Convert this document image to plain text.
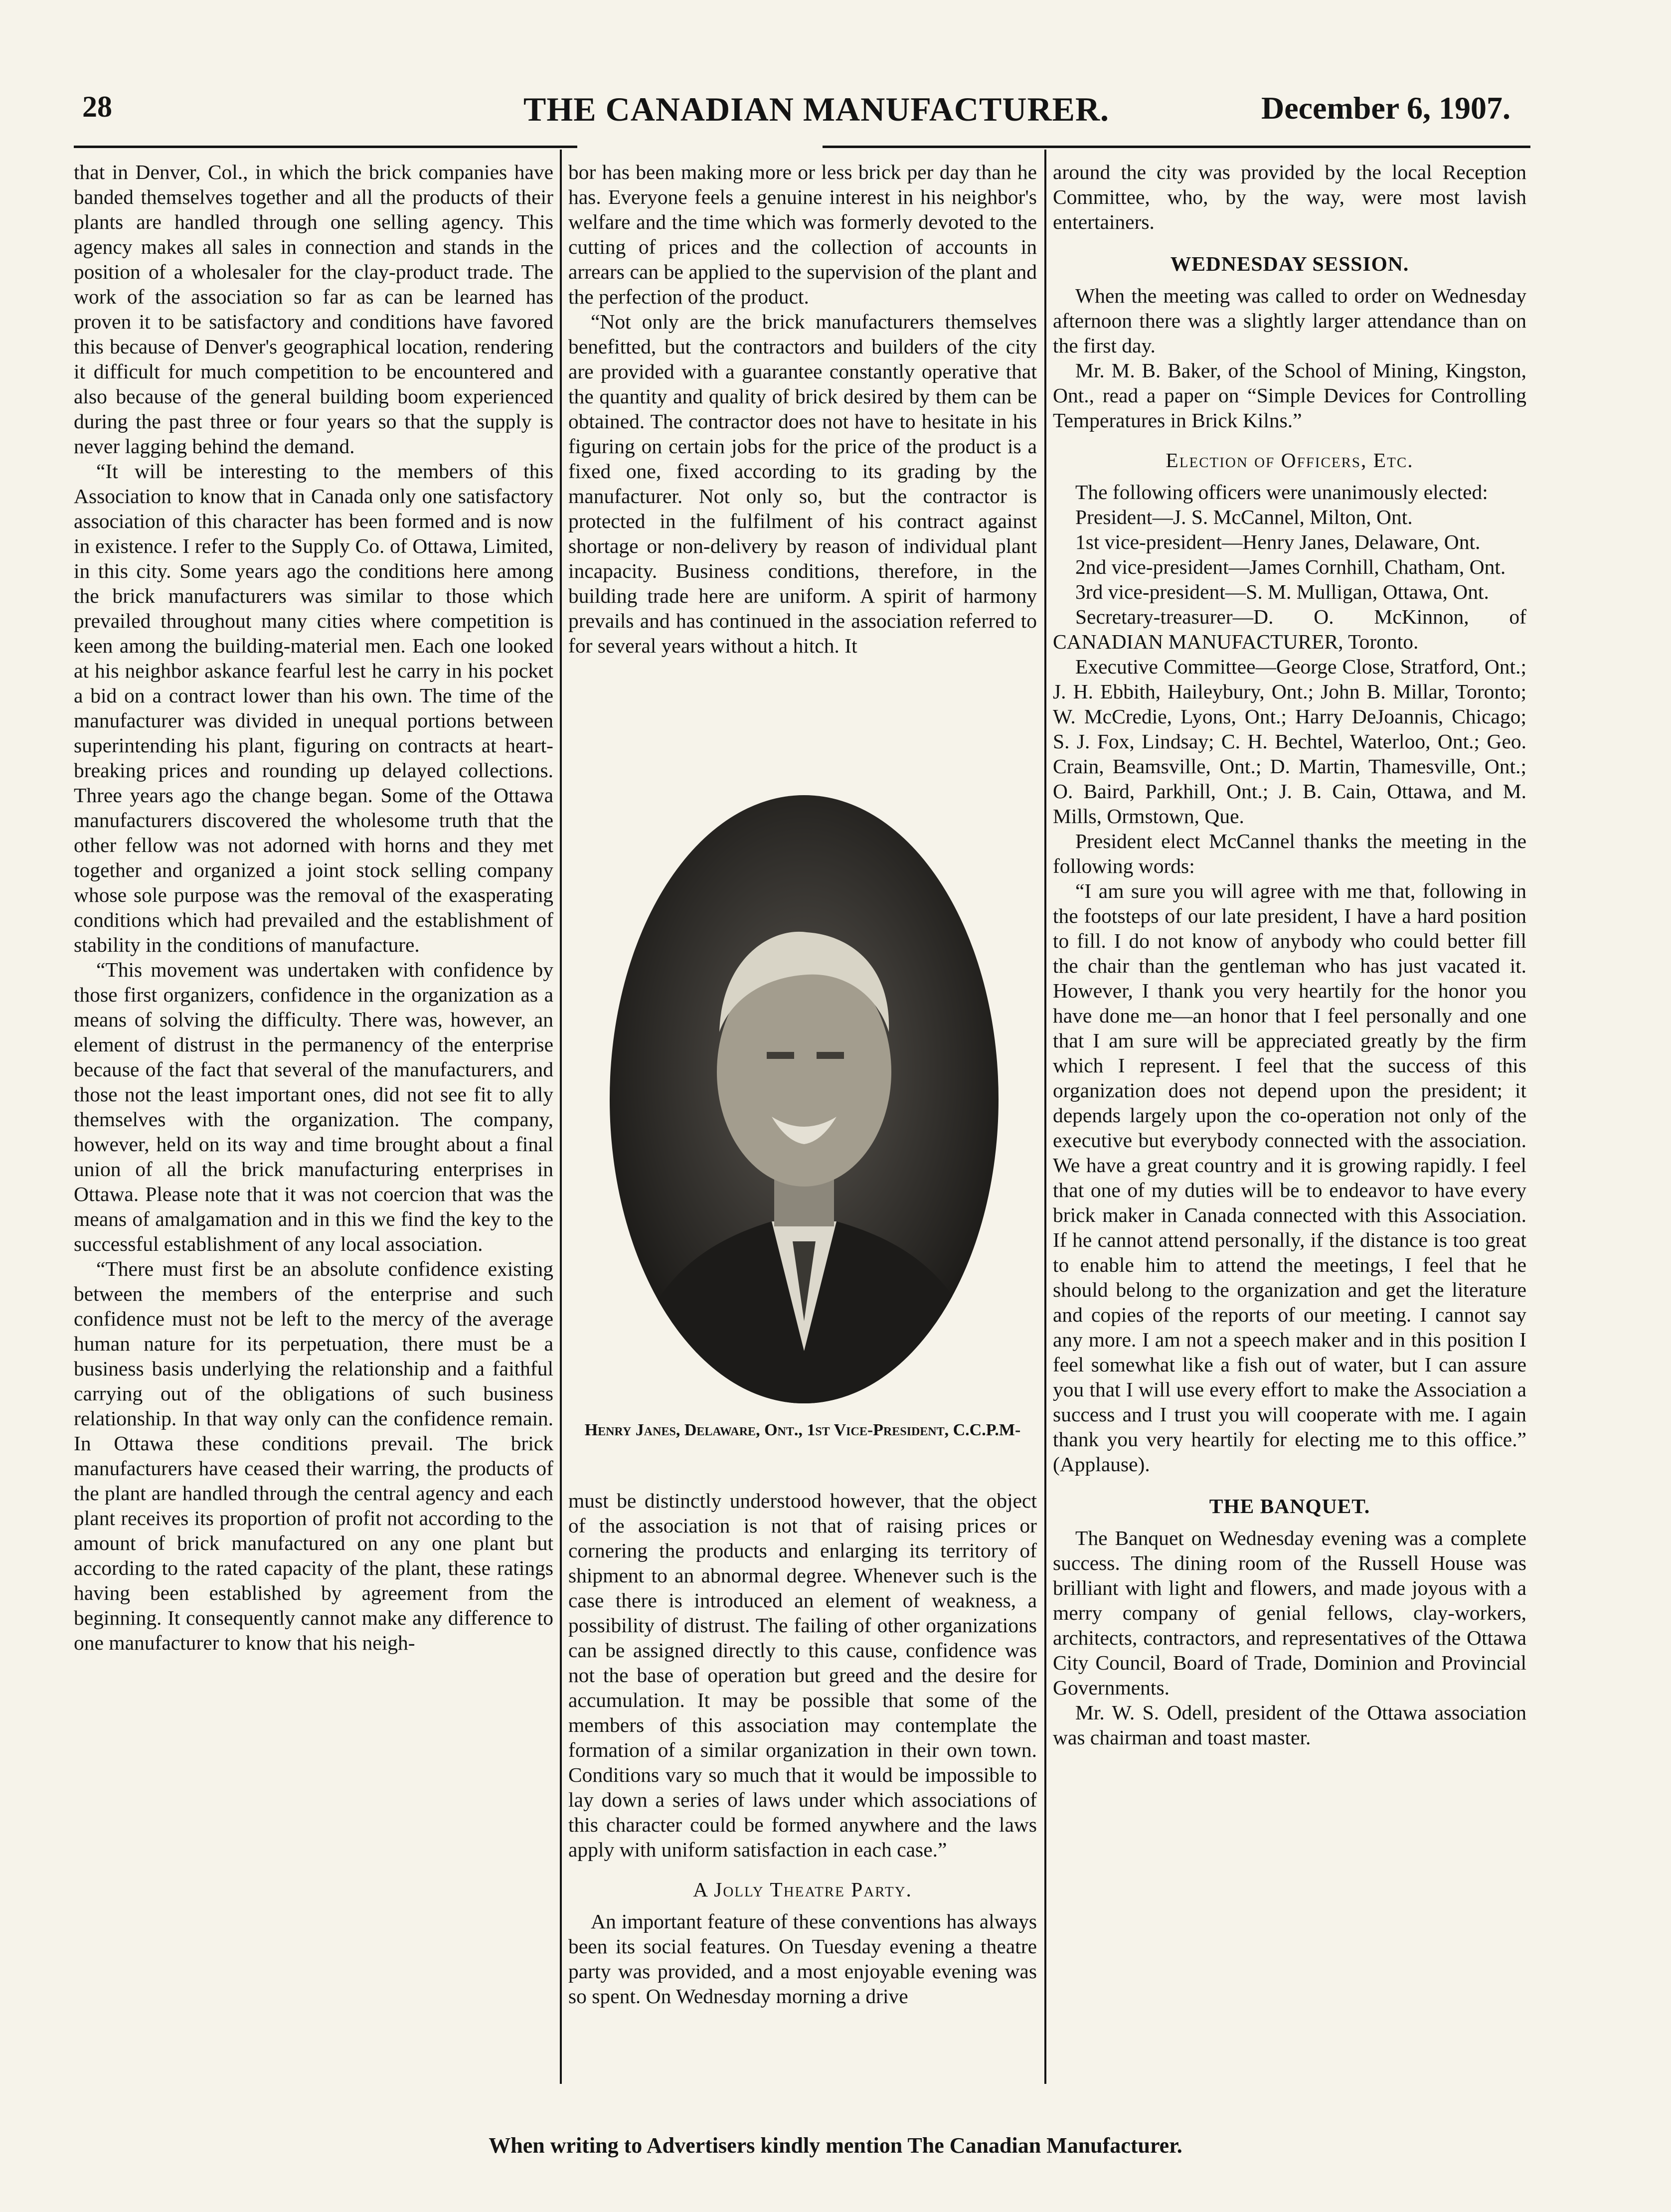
28	THE CANADIAN MANUFACTURER.	December 6, 1907.

that in Denver, Col., in which the brick companies have banded themselves together and all the products of their plants are handled through one selling agency. This agency makes all sales in connection and stands in the position of a wholesaler for the clay-product trade. The work of the association so far as can be learned has proven it to be satisfactory and conditions have favored this because of Denver's geographical location, rendering it difficult for much competition to be encountered and also because of the general building boom experienced during the past three or four years so that the supply is never lagging behind the demand.

“It will be interesting to the members of this Association to know that in Canada only one satisfactory association of this character has been formed and is now in existence. I refer to the Supply Co. of Ottawa, Limited, in this city. Some years ago the conditions here among the brick manufacturers was similar to those which prevailed throughout many cities where competition is keen among the building-material men. Each one looked at his neighbor askance fearful lest he carry in his pocket a bid on a contract lower than his own. The time of the manufacturer was divided in unequal portions between superintending his plant, figuring on contracts at heart-breaking prices and rounding up delayed collections. Three years ago the change began. Some of the Ottawa manufacturers discovered the wholesome truth that the other fellow was not adorned with horns and they met together and organized a joint stock selling company whose sole purpose was the removal of the exasperating conditions which had prevailed and the establishment of stability in the conditions of manufacture.

“This movement was undertaken with confidence by those first organizers, confidence in the organization as a means of solving the difficulty. There was, however, an element of distrust in the permanency of the enterprise because of the fact that several of the manufacturers, and those not the least important ones, did not see fit to ally themselves with the organization. The company, however, held on its way and time brought about a final union of all the brick manufacturing enterprises in Ottawa. Please note that it was not coercion that was the means of amalgamation and in this we find the key to the successful establishment of any local association.

“There must first be an absolute confidence existing between the members of the enterprise and such confidence must not be left to the mercy of the average human nature for its perpetuation, there must be a business basis underlying the relationship and a faithful carrying out of the obligations of such business relationship. In that way only can the confidence remain. In Ottawa these conditions prevail. The brick manufacturers have ceased their warring, the products of the plant are handled through the central agency and each plant receives its proportion of profit not according to the amount of brick manufactured on any one plant but according to the rated capacity of the plant, these ratings having been established by agreement from the beginning. It consequently cannot make any difference to one manufacturer to know that his neigh-

bor has been making more or less brick per day than he has. Everyone feels a genuine interest in his neighbor's welfare and the time which was formerly devoted to the cutting of prices and the collection of accounts in arrears can be applied to the supervision of the plant and the perfection of the product.

“Not only are the brick manufacturers themselves benefitted, but the contractors and builders of the city are provided with a guarantee constantly operative that the quantity and quality of brick desired by them can be obtained. The contractor does not have to hesitate in his figuring on certain jobs for the price of the product is a fixed one, fixed according to its grading by the manufacturer. Not only so, but the contractor is protected in the fulfilment of his contract against shortage or non-delivery by reason of individual plant incapacity. Business conditions, therefore, in the building trade here are uniform. A spirit of harmony prevails and has continued in the association referred to for several years without a hitch. It

Henry Janes, Delaware, Ont., 1st Vice-President, C.C.P.M-

must be distinctly understood however, that the object of the association is not that of raising prices or cornering the products and enlarging its territory of shipment to an abnormal degree. Whenever such is the case there is introduced an element of weakness, a possibility of distrust. The failing of other organizations can be assigned directly to this cause, confidence was not the base of operation but greed and the desire for accumulation. It may be possible that some of the members of this association may contemplate the formation of a similar organization in their own town. Conditions vary so much that it would be impossible to lay down a series of laws under which associations of this character could be formed anywhere and the laws apply with uniform satisfaction in each case.”

A Jolly Theatre Party.

An important feature of these conventions has always been its social features. On Tuesday evening a theatre party was provided, and a most enjoyable evening was so spent. On Wednesday morning a drive

around the city was provided by the local Reception Committee, who, by the way, were most lavish entertainers.

WEDNESDAY SESSION.

When the meeting was called to order on Wednesday afternoon there was a slightly larger attendance than on the first day.

Mr. M. B. Baker, of the School of Mining, Kingston, Ont., read a paper on “Simple Devices for Controlling Temperatures in Brick Kilns.”

Election of Officers, Etc.

The following officers were unanimously elected:

President—J. S. McCannel, Milton, Ont.

1st vice-president—Henry Janes, Delaware, Ont.

2nd vice-president—James Cornhill, Chatham, Ont.

3rd vice-president—S. M. Mulligan, Ottawa, Ont.

Secretary-treasurer—D. O. McKinnon, of CANADIAN MANUFACTURER, Toronto.

Executive Committee—George Close, Stratford, Ont.; J. H. Ebbith, Haileybury, Ont.; John B. Millar, Toronto; W. McCredie, Lyons, Ont.; Harry DeJoannis, Chicago; S. J. Fox, Lindsay; C. H. Bechtel, Waterloo, Ont.; Geo. Crain, Beamsville, Ont.; D. Martin, Thamesville, Ont.; O. Baird, Parkhill, Ont.; J. B. Cain, Ottawa, and M. Mills, Ormstown, Que.

President elect McCannel thanks the meeting in the following words:

“I am sure you will agree with me that, following in the footsteps of our late president, I have a hard position to fill. I do not know of anybody who could better fill the chair than the gentleman who has just vacated it. However, I thank you very heartily for the honor you have done me—an honor that I feel personally and one that I am sure will be appreciated greatly by the firm which I represent. I feel that the success of this organization does not depend upon the president; it depends largely upon the co-operation not only of the executive but everybody connected with the association. We have a great country and it is growing rapidly. I feel that one of my duties will be to endeavor to have every brick maker in Canada connected with this Association. If he cannot attend personally, if the distance is too great to enable him to attend the meetings, I feel that he should belong to the organization and get the literature and copies of the reports of our meeting. I cannot say any more. I am not a speech maker and in this position I feel somewhat like a fish out of water, but I can assure you that I will use every effort to make the Association a success and I trust you will cooperate with me. I again thank you very heartily for electing me to this office.” (Applause).

THE BANQUET.

The Banquet on Wednesday evening was a complete success. The dining room of the Russell House was brilliant with light and flowers, and made joyous with a merry company of genial fellows, clay-workers, architects, contractors, and representatives of the Ottawa City Council, Board of Trade, Dominion and Provincial Governments.

Mr. W. S. Odell, president of the Ottawa association was chairman and toast master.

When writing to Advertisers kindly mention The Canadian Manufacturer.
